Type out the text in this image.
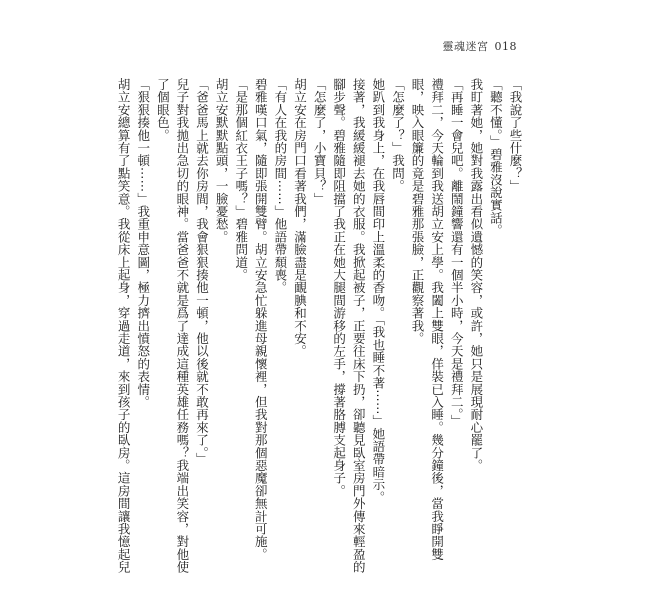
靈魂迷宮 018
「我說了些什麼？」
「聽不懂。」碧雅沒說實話。
我盯著她，她對我露出看似遺憾的笑容，或許，她只是展現耐心罷了。
「再睡一會兒吧。離鬧鐘響還有一個半小時，今天是禮拜二。」
禮拜二，今天輪到我送胡立安上學。我闔上雙眼，佯裝已入睡。幾分鐘後，當我睜開雙
眼，映入眼簾的竟是碧雅那張臉，正觀察著我。
「怎麼了？」我問。
她趴到我身上，在我唇間印上溫柔的香吻。「我也睡不著⋯⋯」她語帶暗示。
接著，我緩緩褪去她的衣服。我掀起被子，正要往床下扔，卻聽見臥室房門外傳來輕盈的
腳步聲。碧雅隨即阻擋了我正在她大腿間游移的左手，撐著胳膊支起身子。
「怎麼了，小寶貝？」
胡立安在房門口看著我們，滿臉盡是靦腆和不安。
「有人在我的房間⋯⋯」他語帶頹喪。
碧雅嘆口氣，隨即張開雙臂。胡立安急忙躲進母親懷裡，但我對那個惡魔卻無計可施。
「是那個紅衣王子嗎？」碧雅問道。
胡立安默默點頭，一臉憂愁。
「爸爸馬上就去你房間，我會狠狠揍他一頓，他以後就不敢再來了。」
兒子對我拋出急切的眼神。當爸爸不就是爲了達成這種英雄任務嗎？我端出笑容，對他使
了個眼色。
「狠狠揍他一頓⋯⋯」我重申意圖，極力擠出憤怒的表情。
胡立安總算有了點笑意。我從床上起身，穿過走道，來到孩子的臥房。這房間讓我憶起兒
